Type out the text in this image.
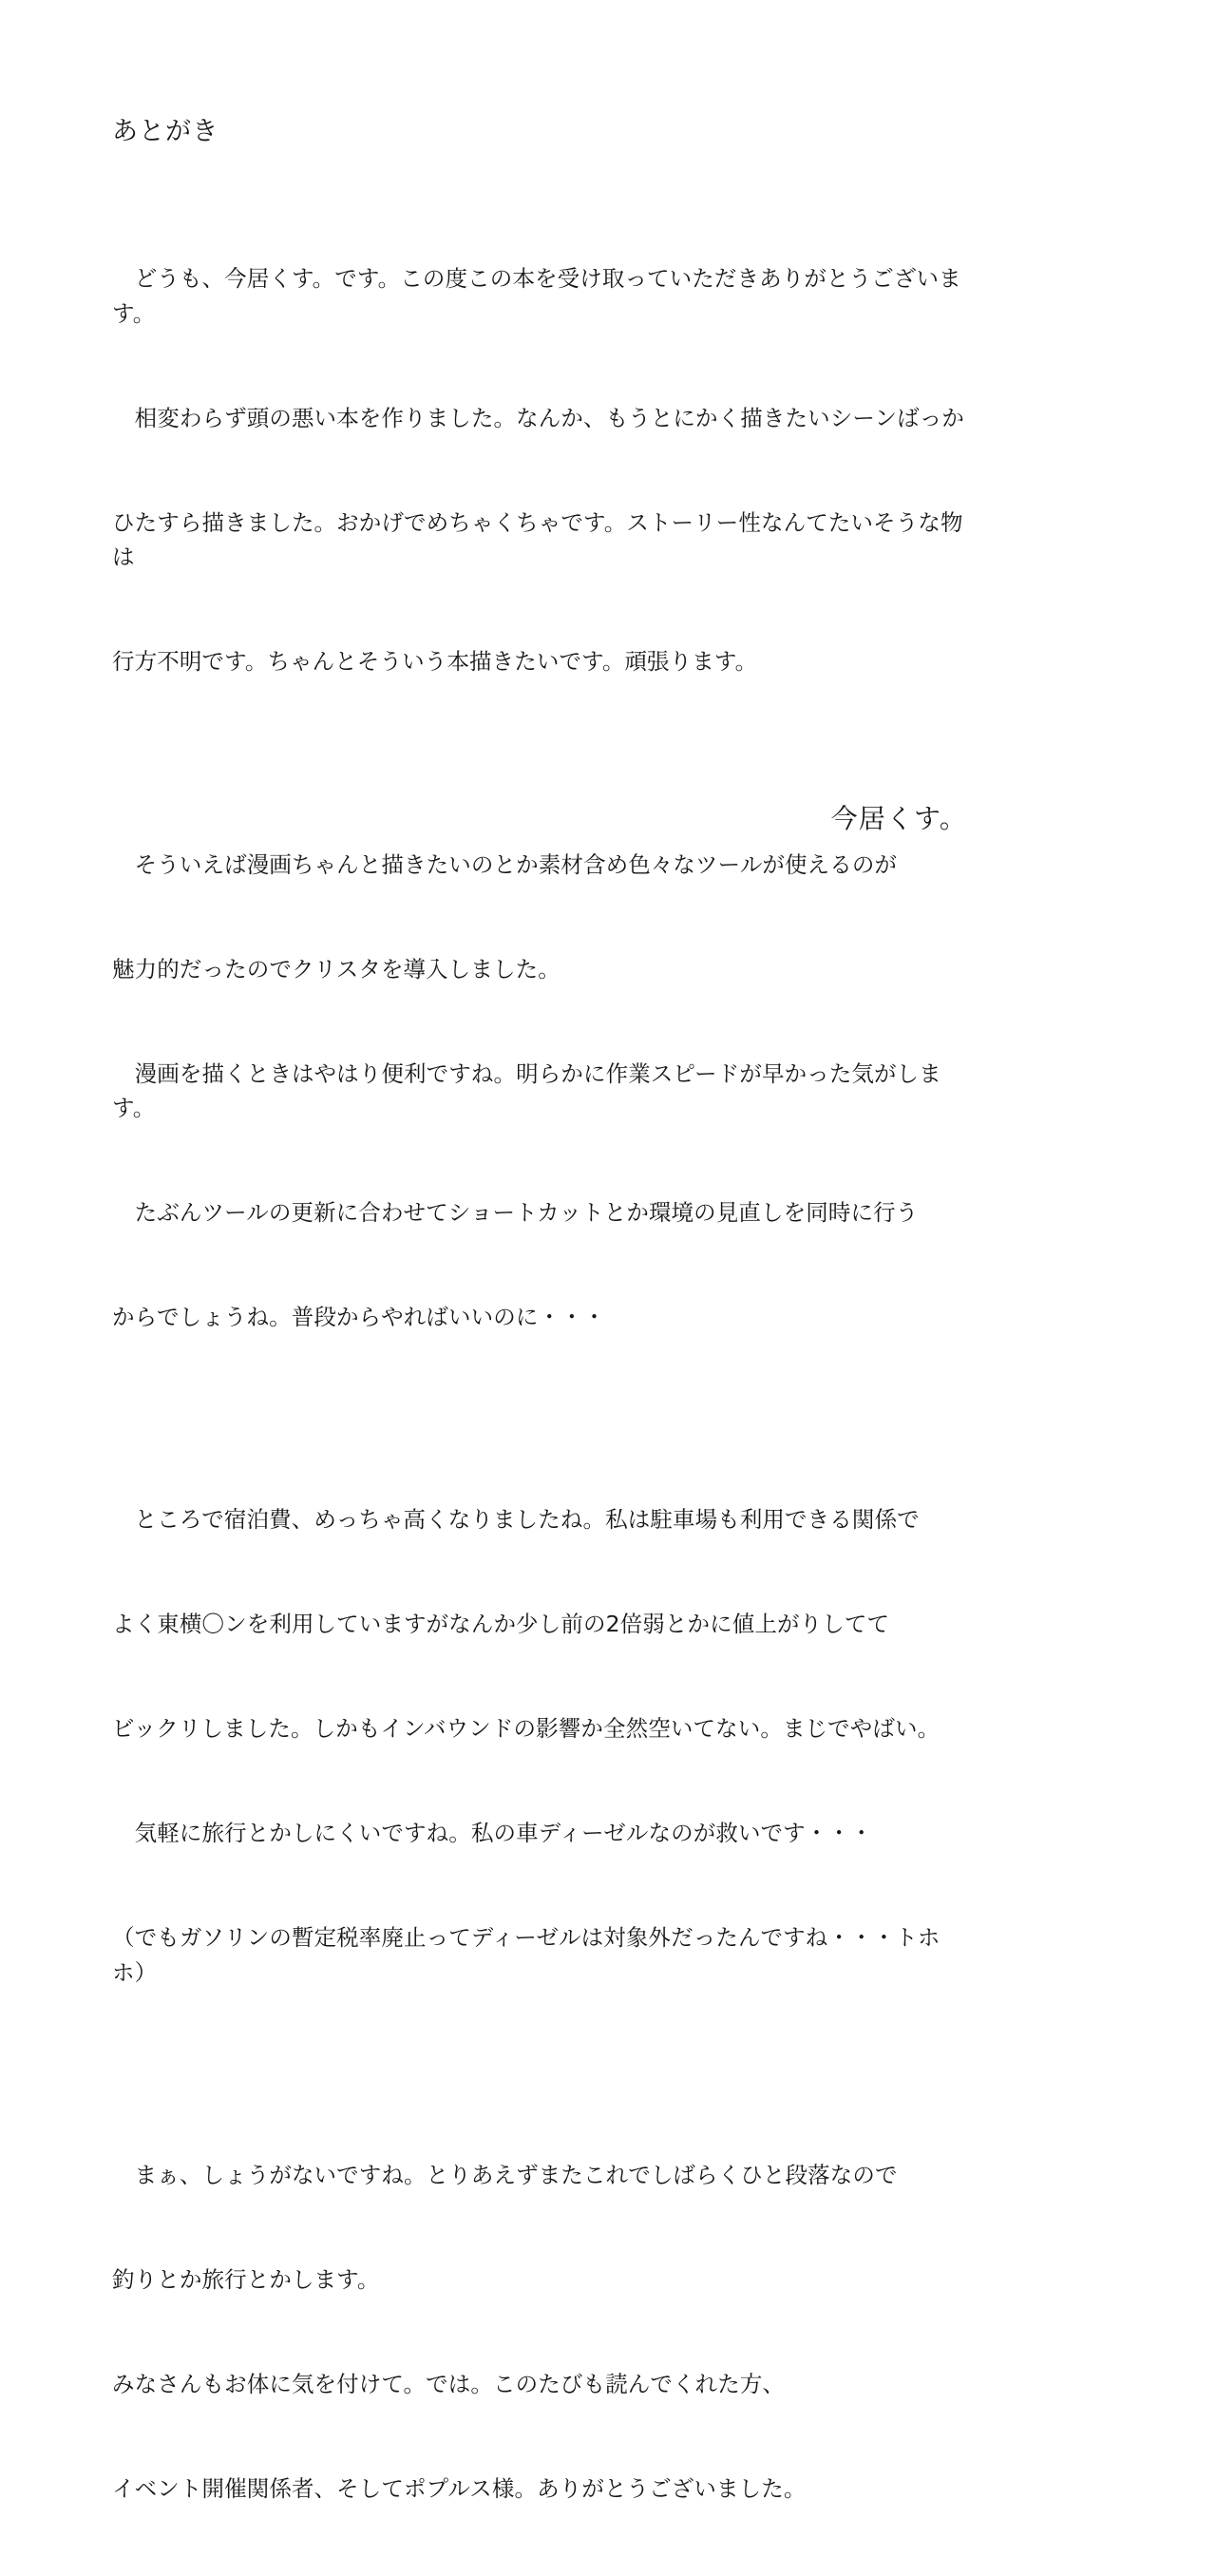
あとがき

　どうも、今居くす。です。この度この本を受け取っていただきありがとうございます。

　相変わらず頭の悪い本を作りました。なんか、もうとにかく描きたいシーンばっか

ひたすら描きました。おかげでめちゃくちゃです。ストーリー性なんてたいそうな物は

行方不明です。ちゃんとそういう本描きたいです。頑張ります。

　そういえば漫画ちゃんと描きたいのとか素材含め色々なツールが使えるのが

魅力的だったのでクリスタを導入しました。

　漫画を描くときはやはり便利ですね。明らかに作業スピードが早かった気がします。

　たぶんツールの更新に合わせてショートカットとか環境の見直しを同時に行う

からでしょうね。普段からやればいいのに・・・

　ところで宿泊費、めっちゃ高くなりましたね。私は駐車場も利用できる関係で

よく東横〇ンを利用していますがなんか少し前の2倍弱とかに値上がりしてて

ビックリしました。しかもインバウンドの影響か全然空いてない。まじでやばい。

　気軽に旅行とかしにくいですね。私の車ディーゼルなのが救いです・・・

（でもガソリンの暫定税率廃止ってディーゼルは対象外だったんですね・・・トホホ）

　まぁ、しょうがないですね。とりあえずまたこれでしばらくひと段落なので

釣りとか旅行とかします。

みなさんもお体に気を付けて。では。このたびも読んでくれた方、

イベント開催関係者、そしてポプルス様。ありがとうございました。

今居くす。
